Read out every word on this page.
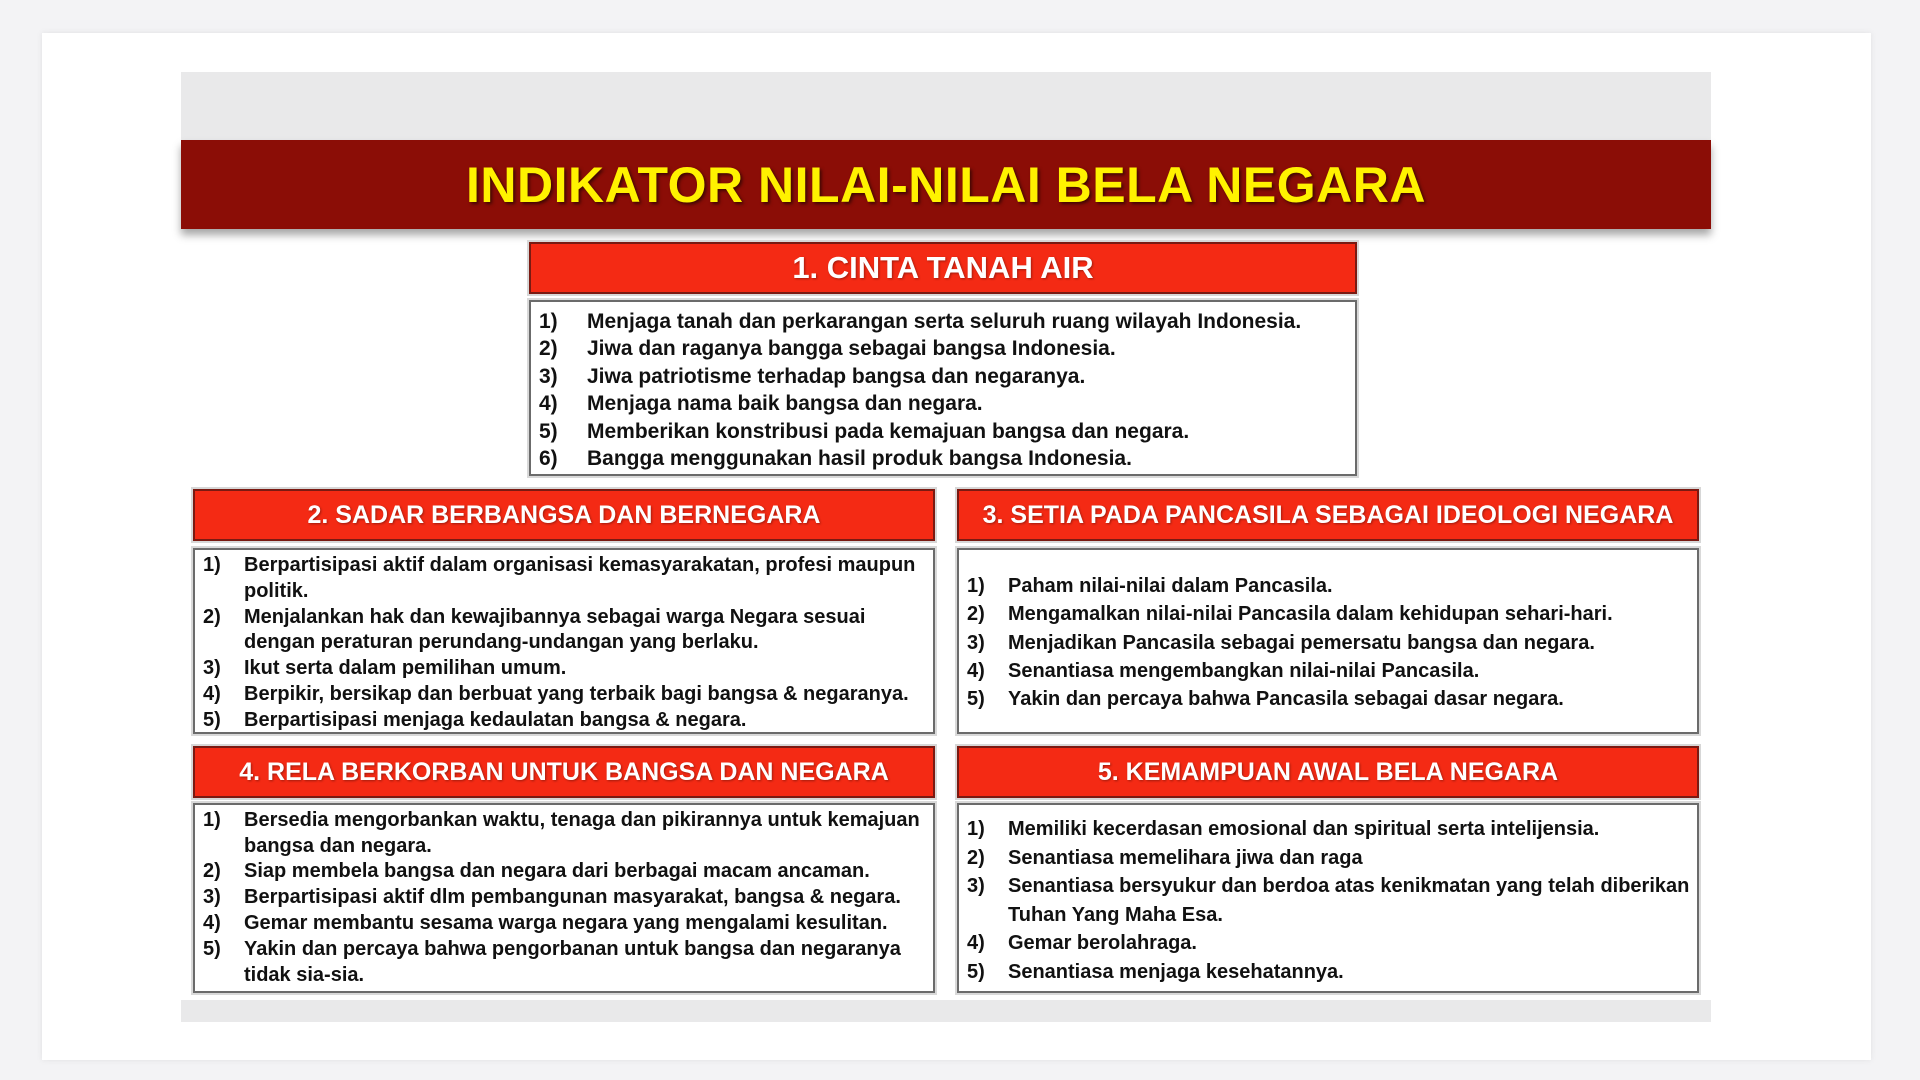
INDIKATOR NILAI-NILAI BELA NEGARA
1. CINTA TANAH AIR
1)	Menjaga tanah dan perkarangan serta seluruh ruang wilayah Indonesia.
2)	Jiwa dan raganya bangga sebagai bangsa Indonesia.
3)	Jiwa patriotisme terhadap bangsa dan negaranya.
4)	Menjaga nama baik bangsa dan negara.
5)	Memberikan konstribusi pada kemajuan bangsa dan negara.
6)	Bangga menggunakan hasil produk bangsa Indonesia.
2. SADAR BERBANGSA DAN BERNEGARA
1)	Berpartisipasi aktif dalam organisasi kemasyarakatan, profesi maupun politik.
2)	Menjalankan hak dan kewajibannya sebagai warga Negara sesuai dengan peraturan perundang-undangan yang berlaku.
3)	Ikut serta dalam pemilihan umum.
4)	Berpikir, bersikap dan berbuat yang terbaik bagi bangsa & negaranya.
5)	Berpartisipasi menjaga kedaulatan bangsa & negara.
3. SETIA PADA PANCASILA SEBAGAI IDEOLOGI NEGARA
1)	Paham nilai-nilai dalam Pancasila.
2)	Mengamalkan nilai-nilai Pancasila dalam kehidupan sehari-hari.
3)	Menjadikan Pancasila sebagai pemersatu bangsa dan negara.
4)	Senantiasa mengembangkan nilai-nilai Pancasila.
5)	Yakin dan percaya bahwa Pancasila sebagai dasar negara.
4. RELA BERKORBAN UNTUK BANGSA DAN NEGARA
1)	Bersedia mengorbankan waktu, tenaga dan pikirannya untuk kemajuan bangsa dan negara.
2)	Siap membela bangsa dan negara dari berbagai macam ancaman.
3)	Berpartisipasi aktif dlm pembangunan masyarakat, bangsa & negara.
4)	Gemar membantu sesama warga negara yang mengalami kesulitan.
5)	Yakin dan percaya bahwa pengorbanan untuk bangsa dan negaranya tidak sia-sia.
5. KEMAMPUAN AWAL BELA NEGARA
1)	Memiliki kecerdasan emosional dan spiritual serta intelijensia.
2)	Senantiasa memelihara jiwa dan raga
3)	Senantiasa bersyukur dan berdoa atas kenikmatan yang telah diberikan Tuhan Yang Maha Esa.
4)	Gemar berolahraga.
5)	Senantiasa menjaga kesehatannya.
